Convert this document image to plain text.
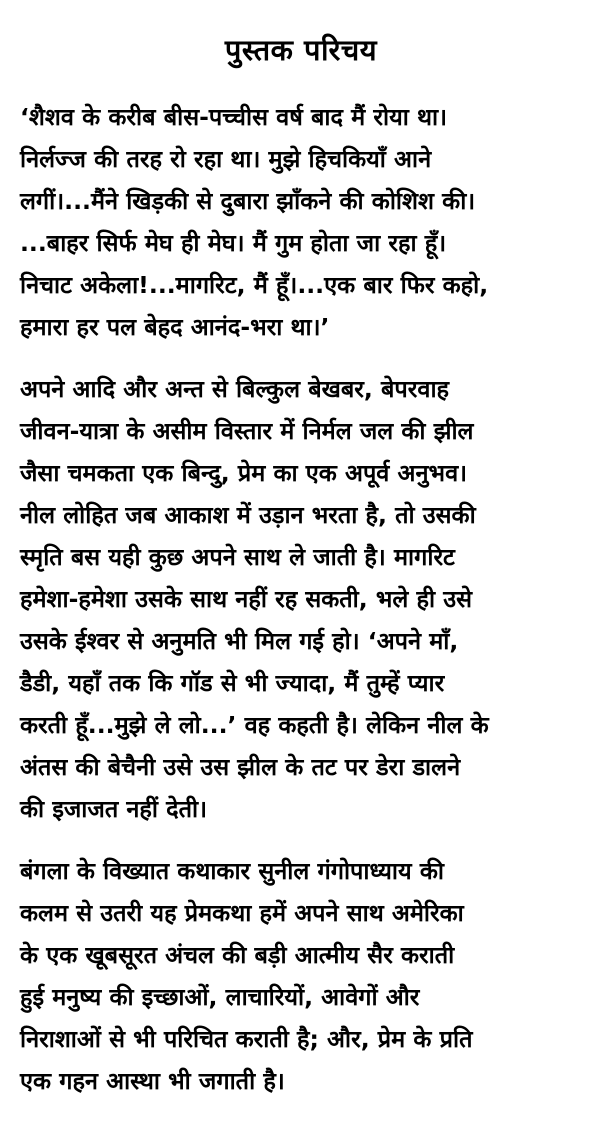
पुस्तक परिचय
‘शैशव के करीब बीस-पच्चीस वर्ष बाद मैं रोया था।
निर्लज्ज की तरह रो रहा था। मुझे हिचकियाँ आने
लगीं।...मैंने खिड़की से दुबारा झाँकने की कोशिश की।
...बाहर सिर्फ मेघ ही मेघ। मैं गुम होता जा रहा हूँ।
निचाट अकेला!...मागरिट, मैं हूँ।...एक बार फिर कहो,
हमारा हर पल बेहद आनंद-भरा था।’
अपने आदि और अन्त से बिल्कुल बेखबर, बेपरवाह
जीवन-यात्रा के असीम विस्तार में निर्मल जल की झील
जैसा चमकता एक बिन्दु, प्रेम का एक अपूर्व अनुभव।
नील लोहित जब आकाश में उड़ान भरता है, तो उसकी
स्मृति बस यही कुछ अपने साथ ले जाती है। मागरिट
हमेशा-हमेशा उसके साथ नहीं रह सकती, भले ही उसे
उसके ईश्वर से अनुमति भी मिल गई हो। ‘अपने माँ,
डैडी, यहाँ तक कि गॉड से भी ज्यादा, मैं तुम्हें प्यार
करती हूँ...मुझे ले लो...’ वह कहती है। लेकिन नील के
अंतस की बेचैनी उसे उस झील के तट पर डेरा डालने
की इजाजत नहीं देती।
बंगला के विख्यात कथाकार सुनील गंगोपाध्याय की
कलम से उतरी यह प्रेमकथा हमें अपने साथ अमेरिका
के एक खूबसूरत अंचल की बड़ी आत्मीय सैर कराती
हुई मनुष्य की इच्छाओं, लाचारियों, आवेगों और
निराशाओं से भी परिचित कराती है; और, प्रेम के प्रति
एक गहन आस्था भी जगाती है।
